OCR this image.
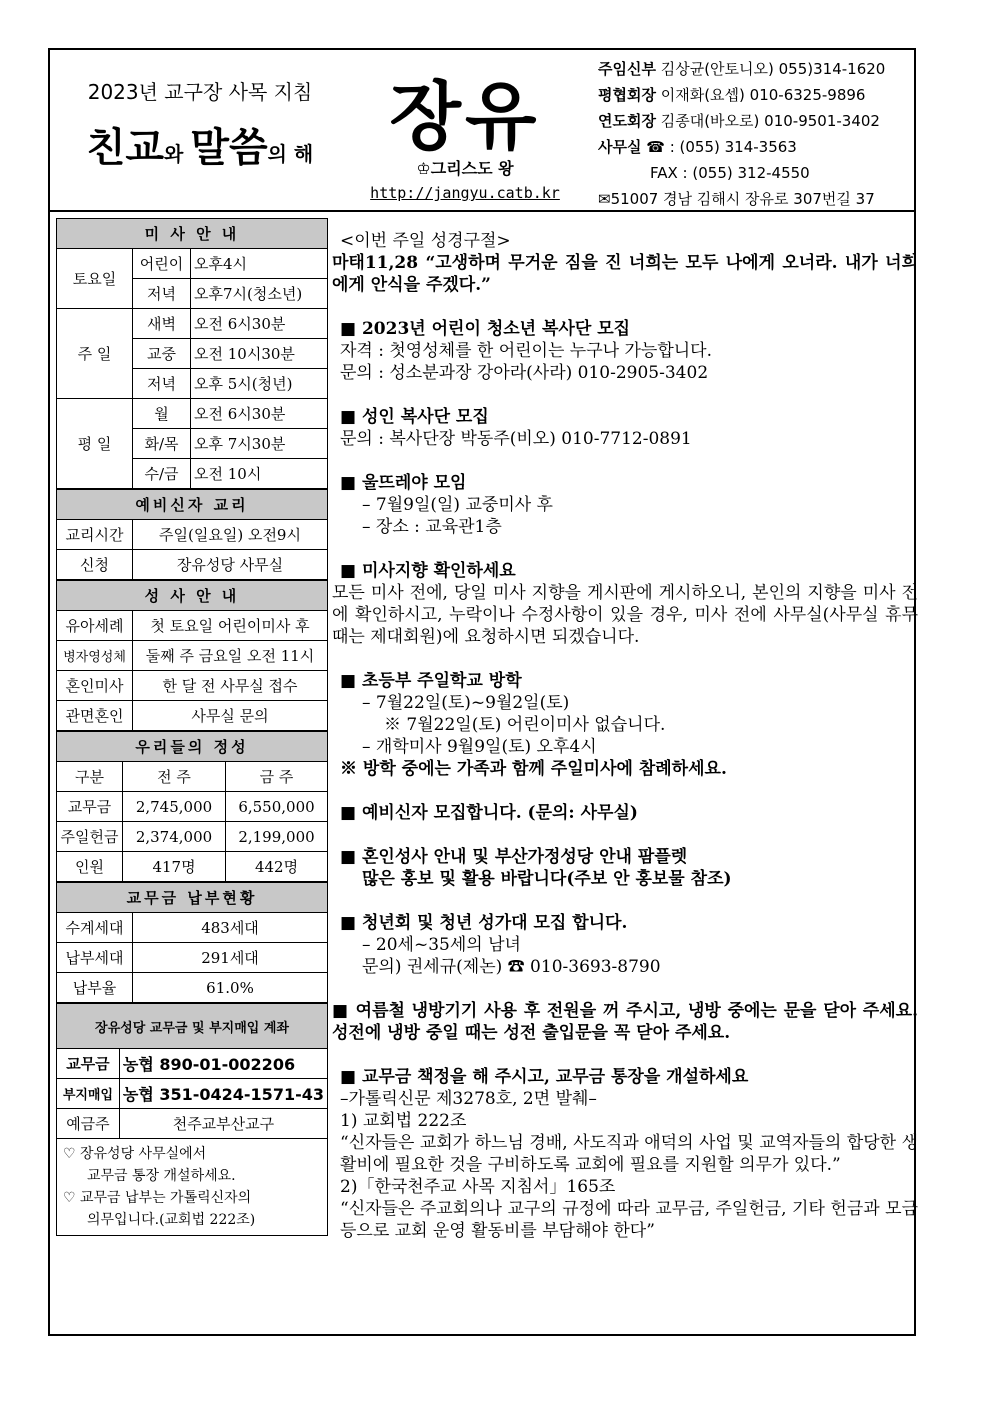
2023년 교구장 사목 지침
친교와 말씀의 해	장유
♔그리스도 왕
http://jangyu.catb.kr
주임신부 김상균(안토니오) 055)314-1620
평협회장 이재화(요셉) 010-6325-9896
연도회장 김종대(바오로) 010-9501-3402
사무실 ☎ : (055) 314-3563
FAX : (055) 312-4550
✉51007 경남 김해시 장유로 307번길 37
미 사 안 내		
토요일	어린이	오후4시
	저녁	오후7시(청소년)
주 일	새벽	오전 6시30분
	교중	오전 10시30분
	저녁	오후 5시(청년)
평 일	월	오전 6시30분
	화/목	오후 7시30분
	수/금	오전 10시
예비신자 교리	
교리시간	주일(일요일) 오전9시
신청	장유성당 사무실
성 사 안 내	
유아세례	첫 토요일 어린이미사 후
병자영성체	둘째 주 금요일 오전 11시
혼인미사	한 달 전 사무실 접수
관면혼인	사무실 문의
우리들의 정성		
구분	전 주	금 주
교무금	2,745,000	6,550,000
주일헌금	2,374,000	2,199,000
인원	417명	442명
교무금 납부현황	
수계세대	483세대
납부세대	291세대
납부율	61.0%
장유성당 교무금 및 부지매입 계좌	
교무금	농협 890-01-002206
부지매입	농협 351-0424-1571-43
예금주	천주교부산교구
♡ 장유성당 사무실에서
교무금 통장 개설하세요.
♡ 교무금 납부는 가톨릭신자의
의무입니다.(교회법 222조)

<이번 주일 성경구절>

마태11,28 “고생하며 무거운 짐을 진 너희는 모두 나에게 오너라. 내가 너희에게 안식을 주겠다.”

■ 2023년 어린이 청소년 복사단 모집

자격 : 첫영성체를 한 어린이는 누구나 가능합니다.

문의 : 성소분과장 강아라(사라) 010-2905-3402

■ 성인 복사단 모집

문의 : 복사단장 박동주(비오) 010-7712-0891

■ 울뜨레야 모임

– 7월9일(일) 교중미사 후

– 장소 : 교육관1층

■ 미사지향 확인하세요

모든 미사 전에, 당일 미사 지향을 게시판에 게시하오니, 본인의 지향을 미사 전에 확인하시고, 누락이나 수정사항이 있을 경우, 미사 전에 사무실(사무실 휴무 때는 제대회원)에 요청하시면 되겠습니다.

■ 초등부 주일학교 방학

– 7월22일(토)~9월2일(토)

※ 7월22일(토) 어린이미사 없습니다.

– 개학미사 9월9일(토) 오후4시

※ 방학 중에는 가족과 함께 주일미사에 참례하세요.

■ 예비신자 모집합니다. (문의: 사무실)

■ 혼인성사 안내 및 부산가정성당 안내 팜플렛

많은 홍보 및 활용 바랍니다(주보 안 홍보물 참조)

■ 청년회 및 청년 성가대 모집 합니다.

– 20세~35세의 남녀

문의) 권세규(제논) ☎ 010-3693-8790

■ 여름철 냉방기기 사용 후 전원을 꺼 주시고, 냉방 중에는 문을 닫아 주세요. 성전에 냉방 중일 때는 성전 출입문을 꼭 닫아 주세요.

■ 교무금 책정을 해 주시고, 교무금 통장을 개설하세요

–가톨릭신문 제3278호, 2면 발췌–

1) 교회법 222조

“신자들은 교회가 하느님 경배, 사도직과 애덕의 사업 및 교역자들의 합당한 생활비에 필요한 것을 구비하도록 교회에 필요를 지원할 의무가 있다.”

2)「한국천주교 사목 지침서」165조

“신자들은 주교회의나 교구의 규정에 따라 교무금, 주일헌금, 기타 헌금과 모금 등으로 교회 운영 활동비를 부담해야 한다”
